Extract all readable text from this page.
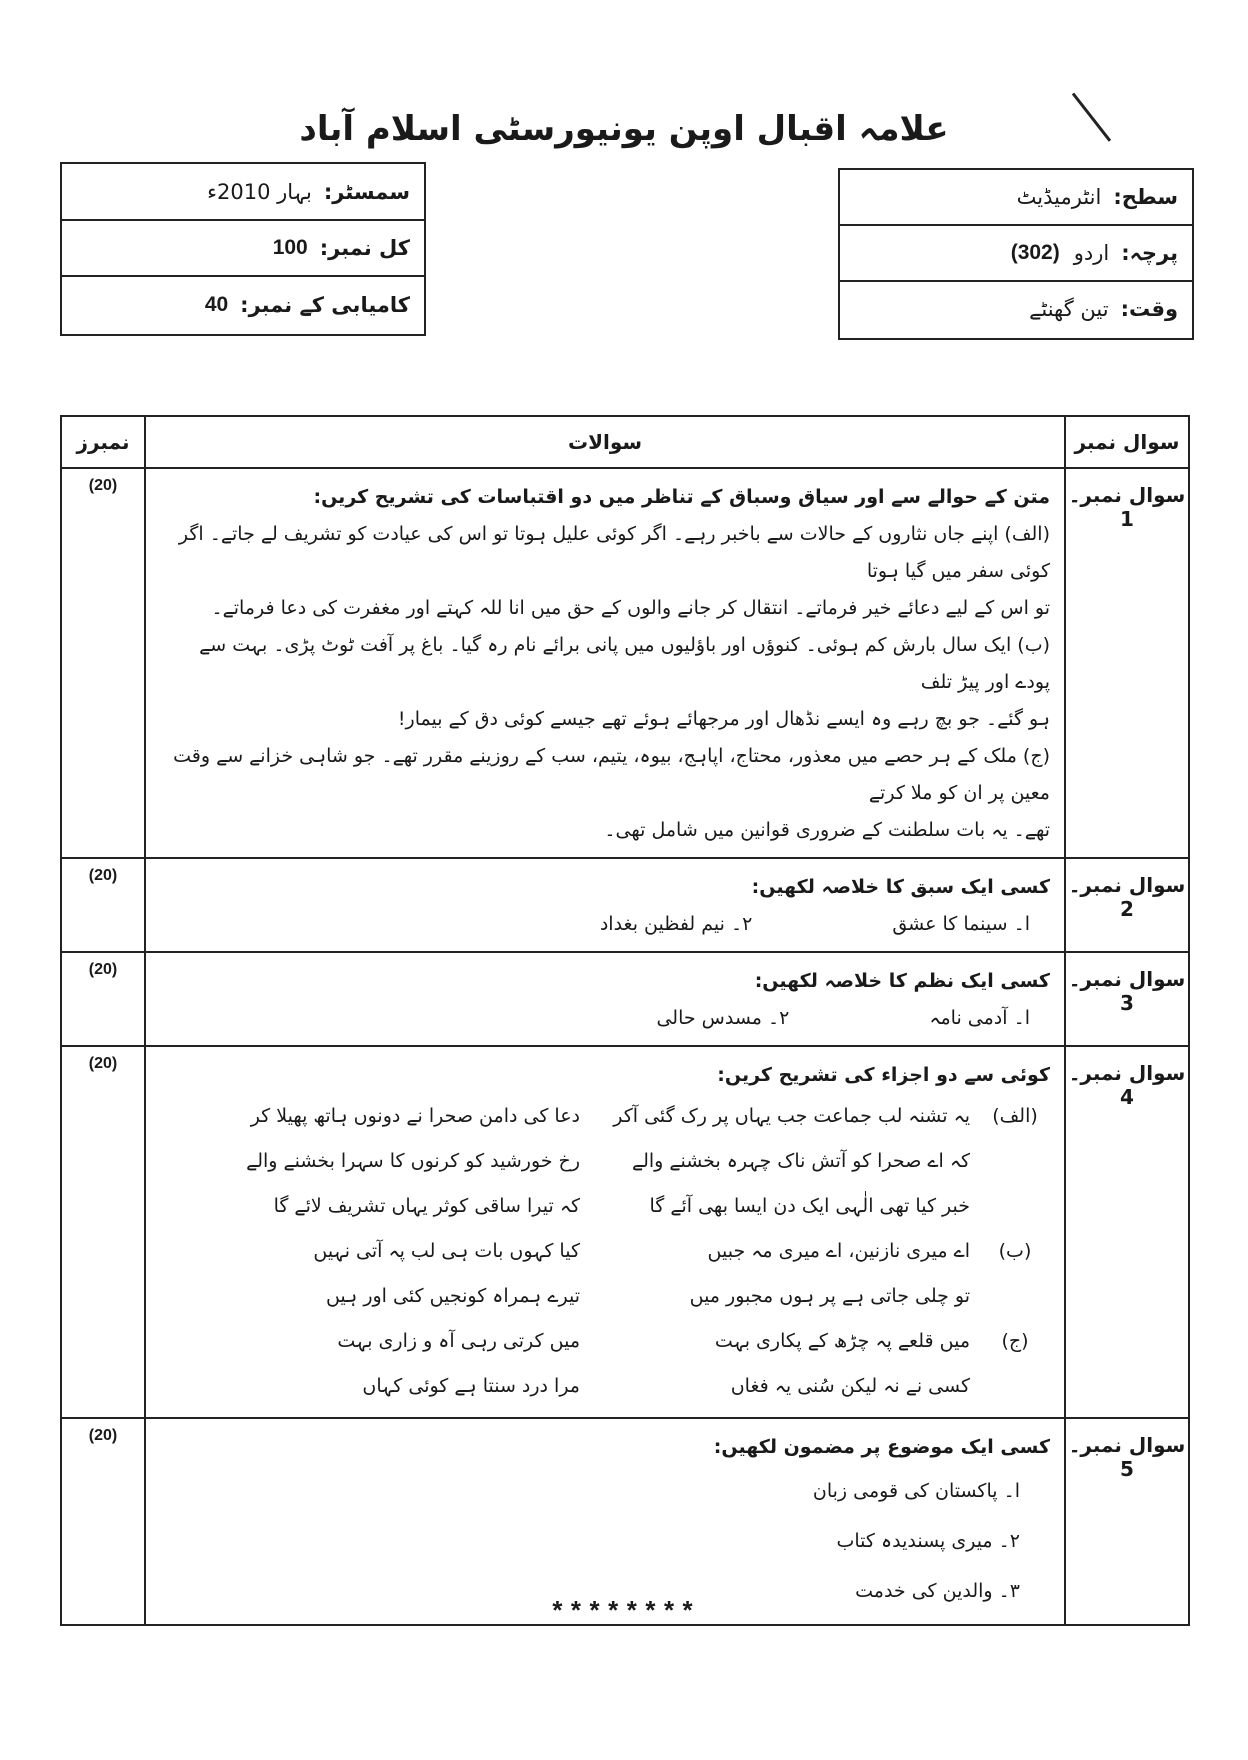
علامہ اقبال اوپن یونیورسٹی اسلام آباد
سمسٹر:
بہار 2010ء
کل نمبر:
100
کامیابی کے نمبر:
40
سطح:
انٹرمیڈیٹ
پرچہ:
اردو
(302)
وقت:
تین گھنٹے
سوال نمبر	سوالات	نمبرز
سوال نمبر۔1	
متن کے حوالے سے اور سیاق وسباق کے تناظر میں دو اقتباسات کی تشریح کریں:
(الف) اپنے جاں نثاروں کے حالات سے باخبر رہے۔ اگر کوئی علیل ہوتا تو اس کی عیادت کو تشریف لے جاتے۔ اگر کوئی سفر میں گیا ہوتا
تو اس کے لیے دعائے خیر فرماتے۔ انتقال کر جانے والوں کے حق میں انا للہ کہتے اور مغفرت کی دعا فرماتے۔
(ب) ایک سال بارش کم ہوئی۔ کنوؤں اور باؤلیوں میں پانی برائے نام رہ گیا۔ باغ پر آفت ٹوٹ پڑی۔ بہت سے پودے اور پیڑ تلف
ہو گئے۔ جو بچ رہے وہ ایسے نڈھال اور مرجھائے ہوئے تھے جیسے کوئی دق کے بیمار!
(ج) ملک کے ہر حصے میں معذور، محتاج، اپاہج، بیوہ، یتیم، سب کے روزینے مقرر تھے۔ جو شاہی خزانے سے وقت معین پر ان کو ملا کرتے
تھے۔ یہ بات سلطنت کے ضروری قوانین میں شامل تھی۔
	(20)
سوال نمبر۔2	
کسی ایک سبق کا خلاصہ لکھیں:
ا۔ سینما کا عشق
۲۔ نیم لفظین بغداد
	(20)
سوال نمبر۔3	
کسی ایک نظم کا خلاصہ لکھیں:
ا۔ آدمی نامہ
۲۔ مسدس حالی
	(20)
سوال نمبر۔4	
کوئی سے دو اجزاء کی تشریح کریں:
(الف)	یہ تشنہ لب جماعت جب یہاں پر رک گئی آکر	دعا کی دامن صحرا نے دونوں ہاتھ پھیلا کر
	کہ اے صحرا کو آتش ناک چہرہ بخشنے والے	رخ خورشید کو کرنوں کا سہرا بخشنے والے
	خبر کیا تھی الٰہی ایک دن ایسا بھی آئے گا	کہ تیرا ساقی کوثر یہاں تشریف لائے گا
(ب)	اے میری نازنین، اے میری مہ جبیں	کیا کہوں بات ہی لب پہ آتی نہیں
	تو چلی جاتی ہے پر ہوں مجبور میں	تیرے ہمراہ کونجیں کئی اور ہیں
(ج)	میں قلعے پہ چڑھ کے پکاری بہت	میں کرتی رہی آہ و زاری بہت
	کسی نے نہ لیکن سُنی یہ فغاں	مرا درد سنتا ہے کوئی کہاں
	(20)
سوال نمبر۔5	
کسی ایک موضوع پر مضمون لکھیں:
ا۔ پاکستان کی قومی زبان
۲۔ میری پسندیدہ کتاب
۳۔ والدین کی خدمت
	(20)
********
